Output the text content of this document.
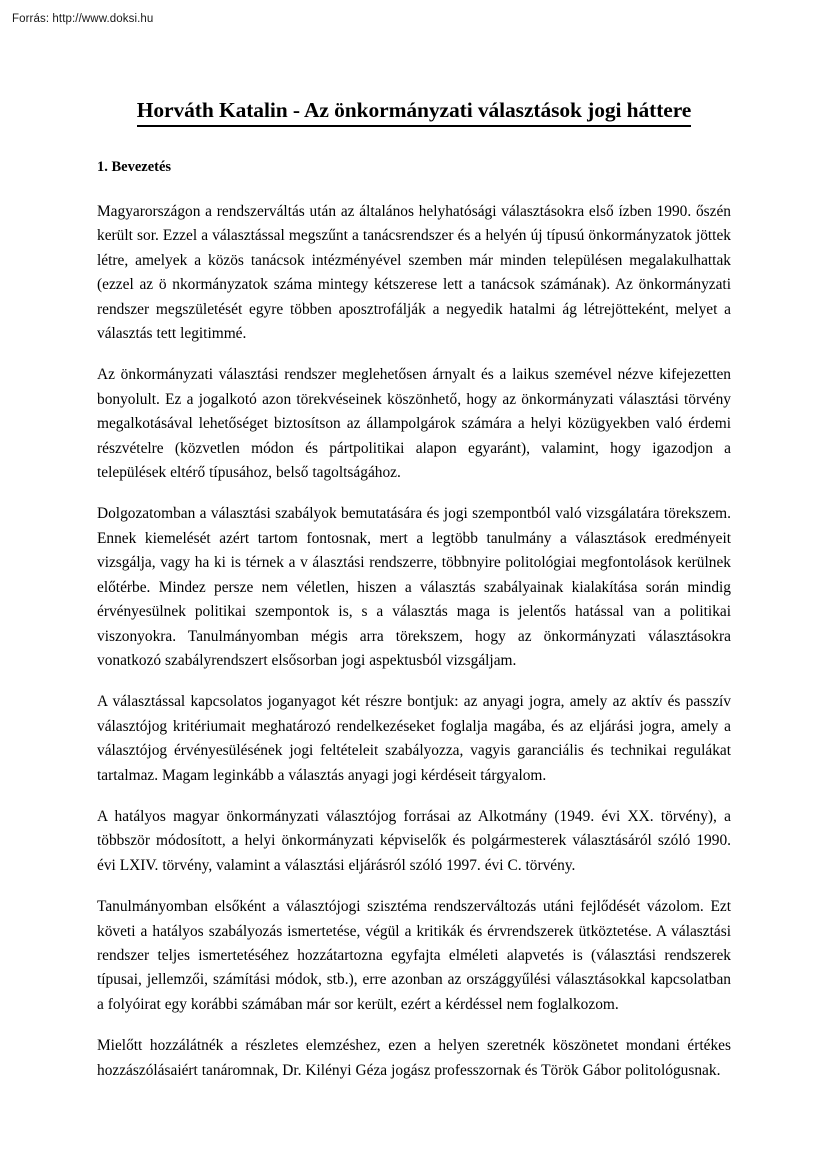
Forrás: http://www.doksi.hu
Horváth Katalin - Az önkormányzati választások jogi háttere
1. Bevezetés

Magyarországon a rendszerváltás után az általános helyhatósági választásokra első ízben 1990. őszén került sor. Ezzel a választással megszűnt a tanácsrendszer és a helyén új típusú önkormányzatok jöttek létre, amelyek a közös tanácsok intézményével szemben már minden településen megalakulhattak (ezzel az ö nkormányzatok száma mintegy kétszerese lett a tanácsok számának). Az önkormányzati rendszer megszületését egyre többen aposztrofálják a negyedik hatalmi ág létrejötteként, melyet a választás tett legitimmé.

Az önkormányzati választási rendszer meglehetősen árnyalt és a laikus szemével nézve kifejezetten bonyolult. Ez a jogalkotó azon törekvéseinek köszönhető, hogy az önkormányzati választási törvény megalkotásával lehetőséget biztosítson az állampolgárok számára a helyi közügyekben való érdemi részvételre (közvetlen módon és pártpolitikai alapon egyaránt), valamint, hogy igazodjon a települések eltérő típusához, belső tagoltságához.

Dolgozatomban a választási szabályok bemutatására és jogi szempontból való vizsgálatára törekszem. Ennek kiemelését azért tartom fontosnak, mert a legtöbb tanulmány a választások eredményeit vizsgálja, vagy ha ki is térnek a v álasztási rendszerre, többnyire politológiai megfontolások kerülnek előtérbe. Mindez persze nem véletlen, hiszen a választás szabályainak kialakítása során mindig érvényesülnek politikai szempontok is, s a választás maga is jelentős hatással van a politikai viszonyokra. Tanulmányomban mégis arra törekszem, hogy az önkormányzati választásokra vonatkozó szabályrendszert elsősorban jogi aspektusból vizsgáljam.

A választással kapcsolatos joganyagot két részre bontjuk: az anyagi jogra, amely az aktív és passzív választójog kritériumait meghatározó rendelkezéseket foglalja magába, és az eljárási jogra, amely a választójog érvényesülésének jogi feltételeit szabályozza, vagyis garanciális és technikai regulákat tartalmaz. Magam leginkább a választás anyagi jogi kérdéseit tárgyalom.

A hatályos magyar önkormányzati választójog forrásai az Alkotmány (1949. évi XX. törvény), a többször módosított, a helyi önkormányzati képviselők és polgármesterek választásáról szóló 1990. évi LXIV. törvény, valamint a választási eljárásról szóló 1997. évi C. törvény.

Tanulmányomban elsőként a választójogi szisztéma rendszerváltozás utáni fejlődését vázolom. Ezt követi a hatályos szabályozás ismertetése, végül a kritikák és érvrendszerek ütköztetése. A választási rendszer teljes ismertetéséhez hozzátartozna egyfajta elméleti alapvetés is (választási rendszerek típusai, jellemzői, számítási módok, stb.), erre azonban az országgyűlési választásokkal kapcsolatban a folyóirat egy korábbi számában már sor került, ezért a kérdéssel nem foglalkozom.

Mielőtt hozzálátnék a részletes elemzéshez, ezen a helyen szeretnék köszönetet mondani értékes hozzászólásaiért tanáromnak, Dr. Kilényi Géza jogász professzornak és Török Gábor politológusnak.
